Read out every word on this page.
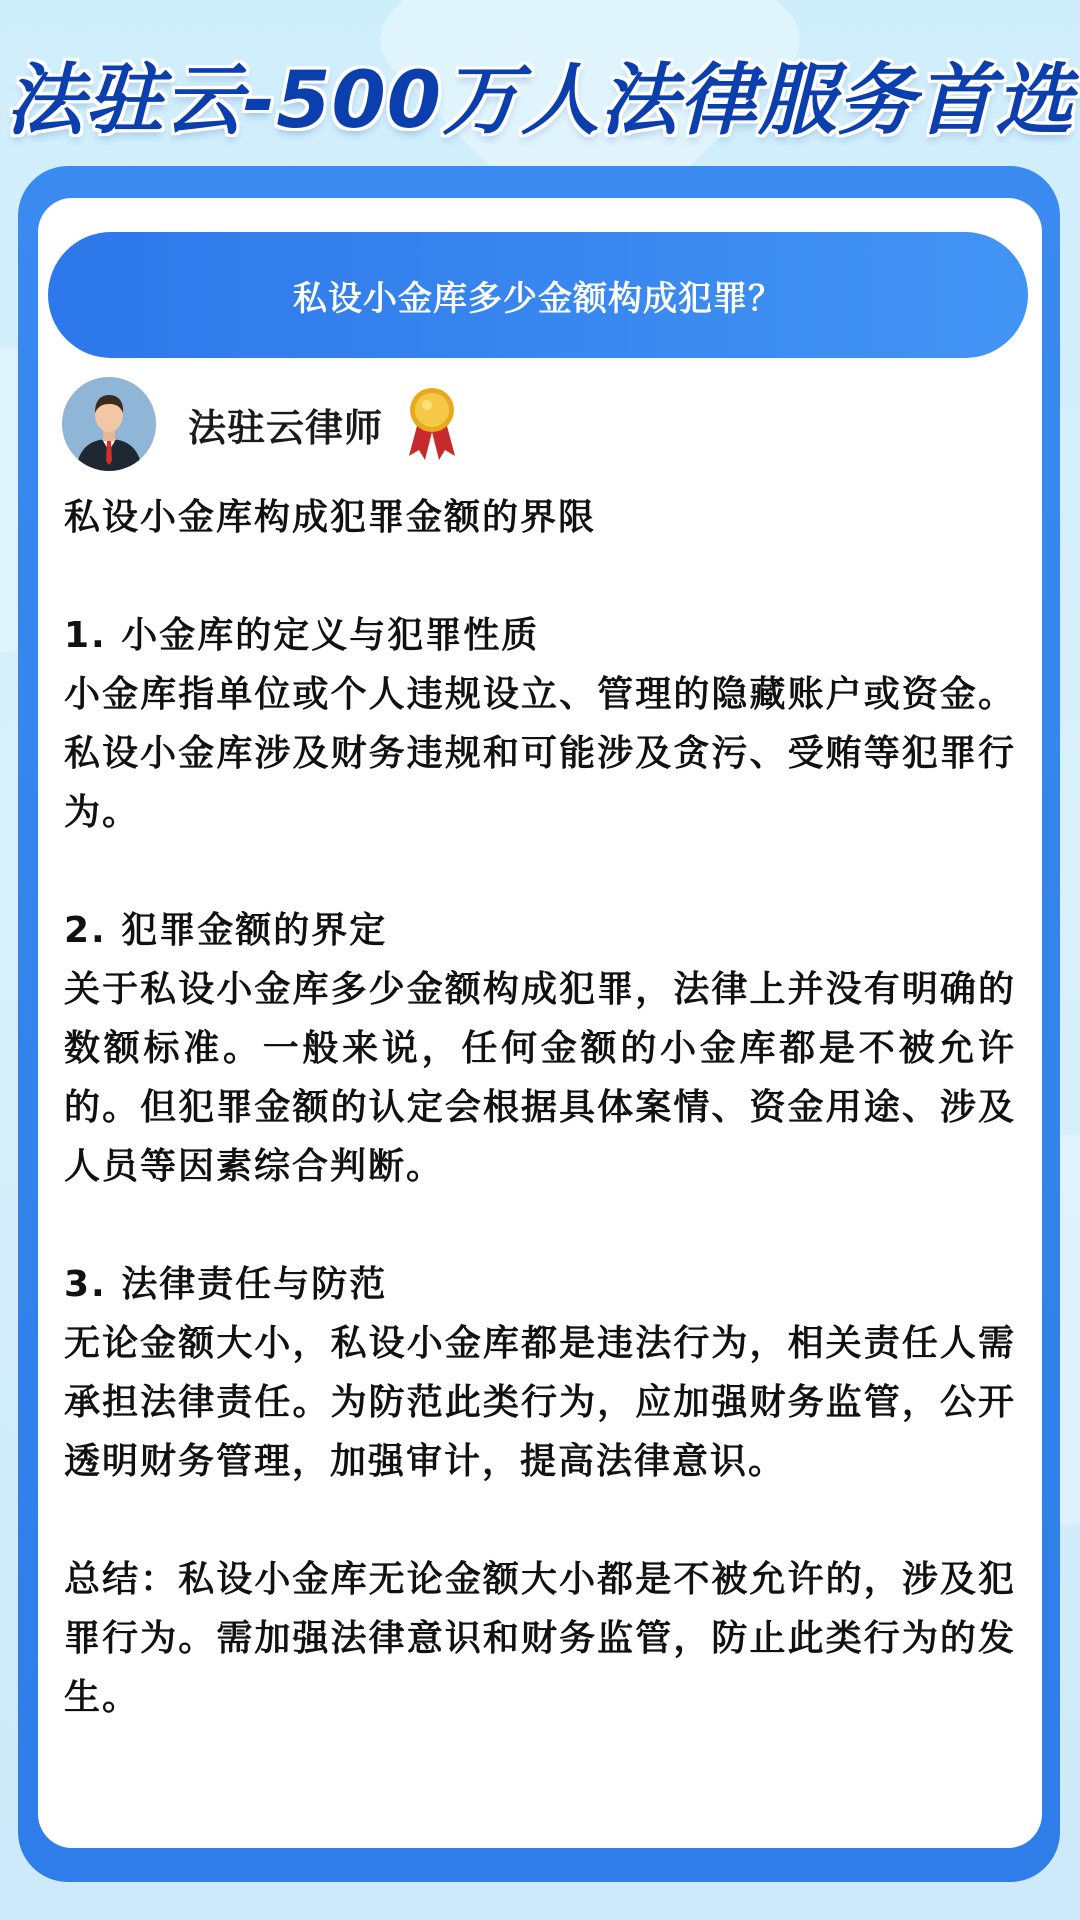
法驻云-500万人法律服务首选
私设小金库多少金额构成犯罪？
法驻云律师

私设小金库构成犯罪金额的界限

1. 小金库的定义与犯罪性质

小金库指单位或个人违规设立、管理的隐藏账户或资金。私设小金库涉及财务违规和可能涉及贪污、受贿等犯罪行为。

2. 犯罪金额的界定

关于私设小金库多少金额构成犯罪，法律上并没有明确的数额标准。一般来说，任何金额的小金库都是不被允许的。但犯罪金额的认定会根据具体案情、资金用途、涉及人员等因素综合判断。

3. 法律责任与防范

无论金额大小，私设小金库都是违法行为，相关责任人需承担法律责任。为防范此类行为，应加强财务监管，公开透明财务管理，加强审计，提高法律意识。

总结：私设小金库无论金额大小都是不被允许的，涉及犯罪行为。需加强法律意识和财务监管，防止此类行为的发生。
